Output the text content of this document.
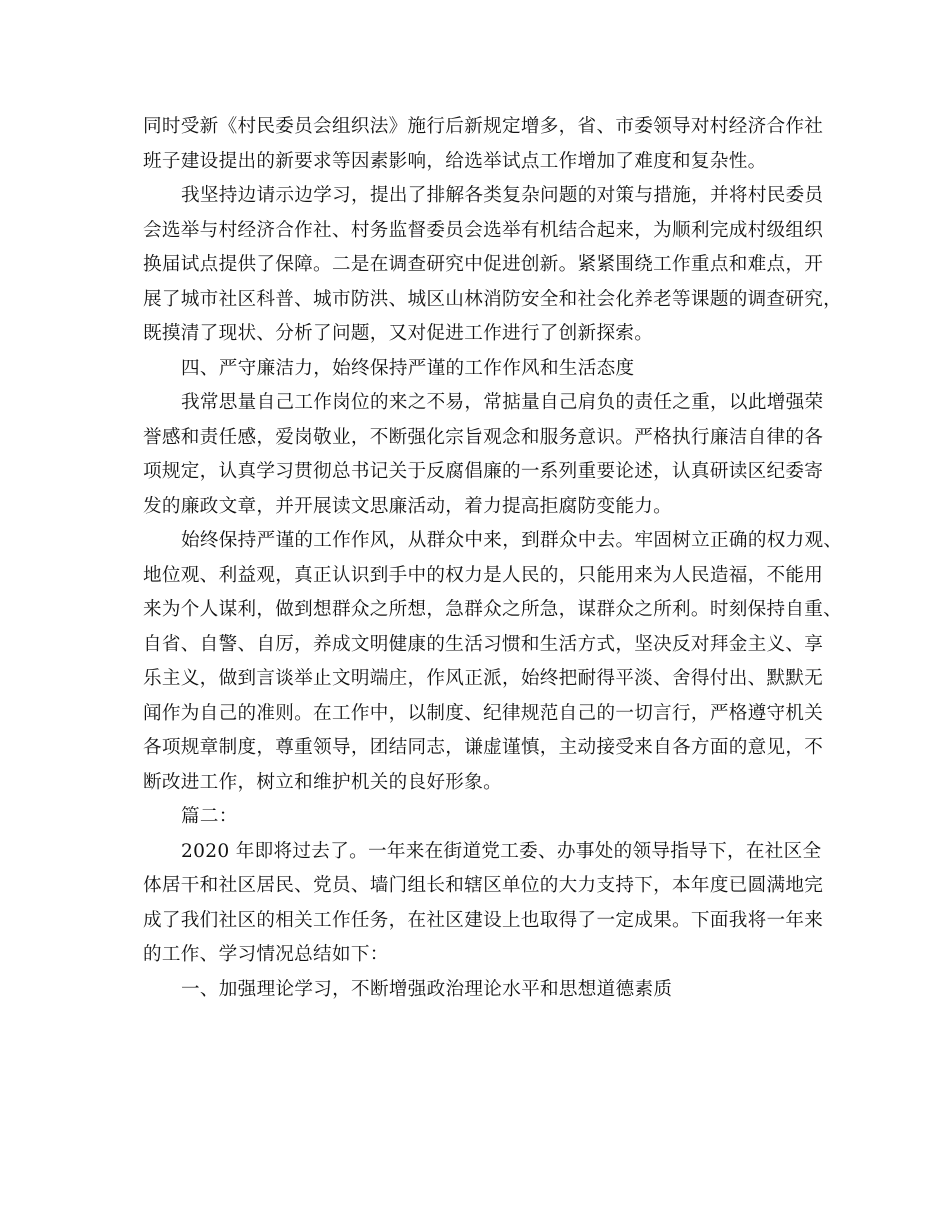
同时受新《村民委员会组织法》施行后新规定增多，省、市委领导对村经济合作社
班子建设提出的新要求等因素影响，给选举试点工作增加了难度和复杂性。
我坚持边请示边学习，提出了排解各类复杂问题的对策与措施，并将村民委员
会选举与村经济合作社、村务监督委员会选举有机结合起来，为顺利完成村级组织
换届试点提供了保障。二是在调查研究中促进创新。紧紧围绕工作重点和难点，开
展了城市社区科普、城市防洪、城区山林消防安全和社会化养老等课题的调查研究，
既摸清了现状、分析了问题，又对促进工作进行了创新探索。
四、严守廉洁力，始终保持严谨的工作作风和生活态度
我常思量自己工作岗位的来之不易，常掂量自己肩负的责任之重，以此增强荣
誉感和责任感，爱岗敬业，不断强化宗旨观念和服务意识。严格执行廉洁自律的各
项规定，认真学习贯彻总书记关于反腐倡廉的一系列重要论述，认真研读区纪委寄
发的廉政文章，并开展读文思廉活动，着力提高拒腐防变能力。
始终保持严谨的工作作风，从群众中来，到群众中去。牢固树立正确的权力观、
地位观、利益观，真正认识到手中的权力是人民的，只能用来为人民造福，不能用
来为个人谋利，做到想群众之所想，急群众之所急，谋群众之所利。时刻保持自重、
自省、自警、自厉，养成文明健康的生活习惯和生活方式，坚决反对拜金主义、享
乐主义，做到言谈举止文明端庄，作风正派，始终把耐得平淡、舍得付出、默默无
闻作为自己的准则。在工作中，以制度、纪律规范自己的一切言行，严格遵守机关
各项规章制度，尊重领导，团结同志，谦虚谨慎，主动接受来自各方面的意见，不
断改进工作，树立和维护机关的良好形象。
篇二：
2020 年即将过去了。一年来在街道党工委、办事处的领导指导下，在社区全
体居干和社区居民、党员、墙门组长和辖区单位的大力支持下，本年度已圆满地完
成了我们社区的相关工作任务，在社区建设上也取得了一定成果。下面我将一年来
的工作、学习情况总结如下：
一、加强理论学习，不断增强政治理论水平和思想道德素质
